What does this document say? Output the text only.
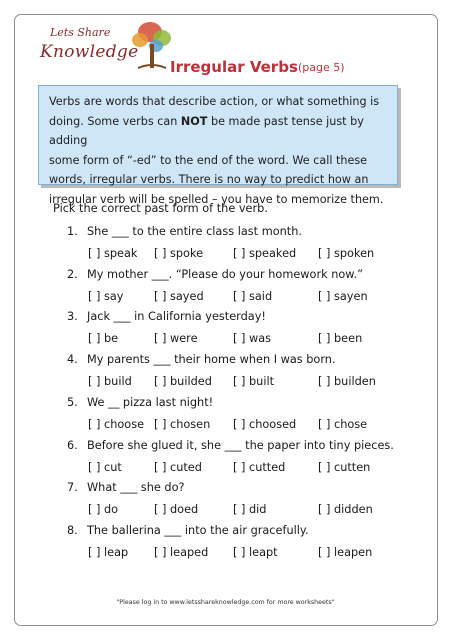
Lets Share
Knowledge
Irregular Verbs (page 5)

Verbs are words that describe action, or what something is

doing. Some verbs can NOT be made past tense just by adding

some form of “-ed” to the end of the word. We call these

words, irregular verbs. There is no way to predict how an

irregular verb will be spelled – you have to memorize them.

Pick the correct past form of the verb.
1. She ___ to the entire class last month.
[ ] speak [ ] spoke	[ ] speaked [ ] spoken
2. My mother ___. “Please do your homework now.”
[ ] say	[ ] sayed	[ ] said	[ ] sayen
3. Jack ___ in California yesterday!
[ ] be	[ ] were	[ ] was	[ ] been
4. My parents ___ their home when I was born.
[ ] build [ ] builded [ ] built	[ ] builden
5. We __ pizza last night!
[ ] choose [ ] chosen [ ] choosed [ ] chose
6. Before she glued it, she ___ the paper into tiny pieces.
[ ] cut	[ ] cuted	[ ] cutted	[ ] cutten
7. What ___ she do?
[ ] do	[ ] doed	[ ] did	[ ] didden
8. The ballerina ___ into the air gracefully.
[ ] leap [ ] leaped [ ] leapt	[ ] leapen
"Please log in to www.letsshareknowledge.com for more worksheets"
